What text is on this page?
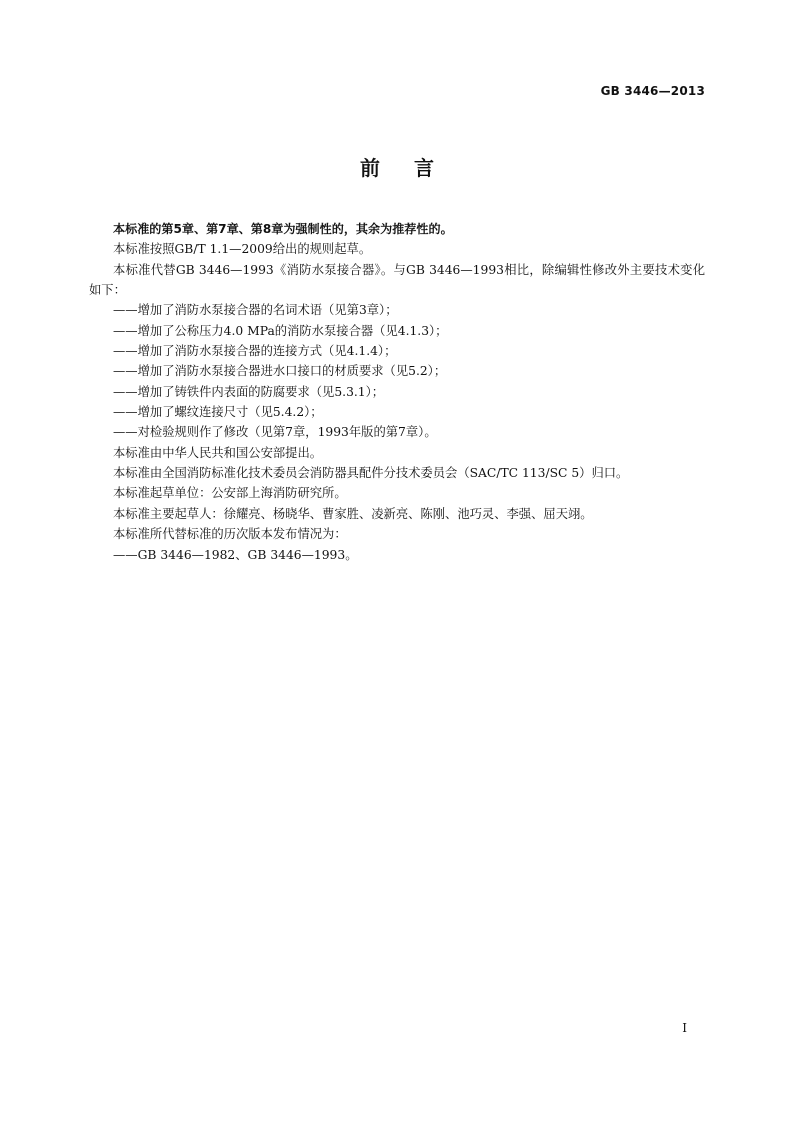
GB 3446—2013
前言

本标准的第5章、第7章、第8章为强制性的，其余为推荐性的。

本标准按照GB/T 1.1—2009给出的规则起草。

本标准代替GB 3446—1993《消防水泵接合器》。与GB 3446—1993相比，除编辑性修改外主要技术变化如下：

——增加了消防水泵接合器的名词术语（见第3章）；

——增加了公称压力4.0 MPa的消防水泵接合器（见4.1.3）；

——增加了消防水泵接合器的连接方式（见4.1.4）；

——增加了消防水泵接合器进水口接口的材质要求（见5.2）；

——增加了铸铁件内表面的防腐要求（见5.3.1）；

——增加了螺纹连接尺寸（见5.4.2）；

——对检验规则作了修改（见第7章，1993年版的第7章）。

本标准由中华人民共和国公安部提出。

本标准由全国消防标准化技术委员会消防器具配件分技术委员会（SAC/TC 113/SC 5）归口。

本标准起草单位：公安部上海消防研究所。

本标准主要起草人：徐耀亮、杨晓华、曹家胜、凌新亮、陈刚、池巧灵、李强、屈天翊。

本标准所代替标准的历次版本发布情况为：

——GB 3446—1982、GB 3446—1993。

I
